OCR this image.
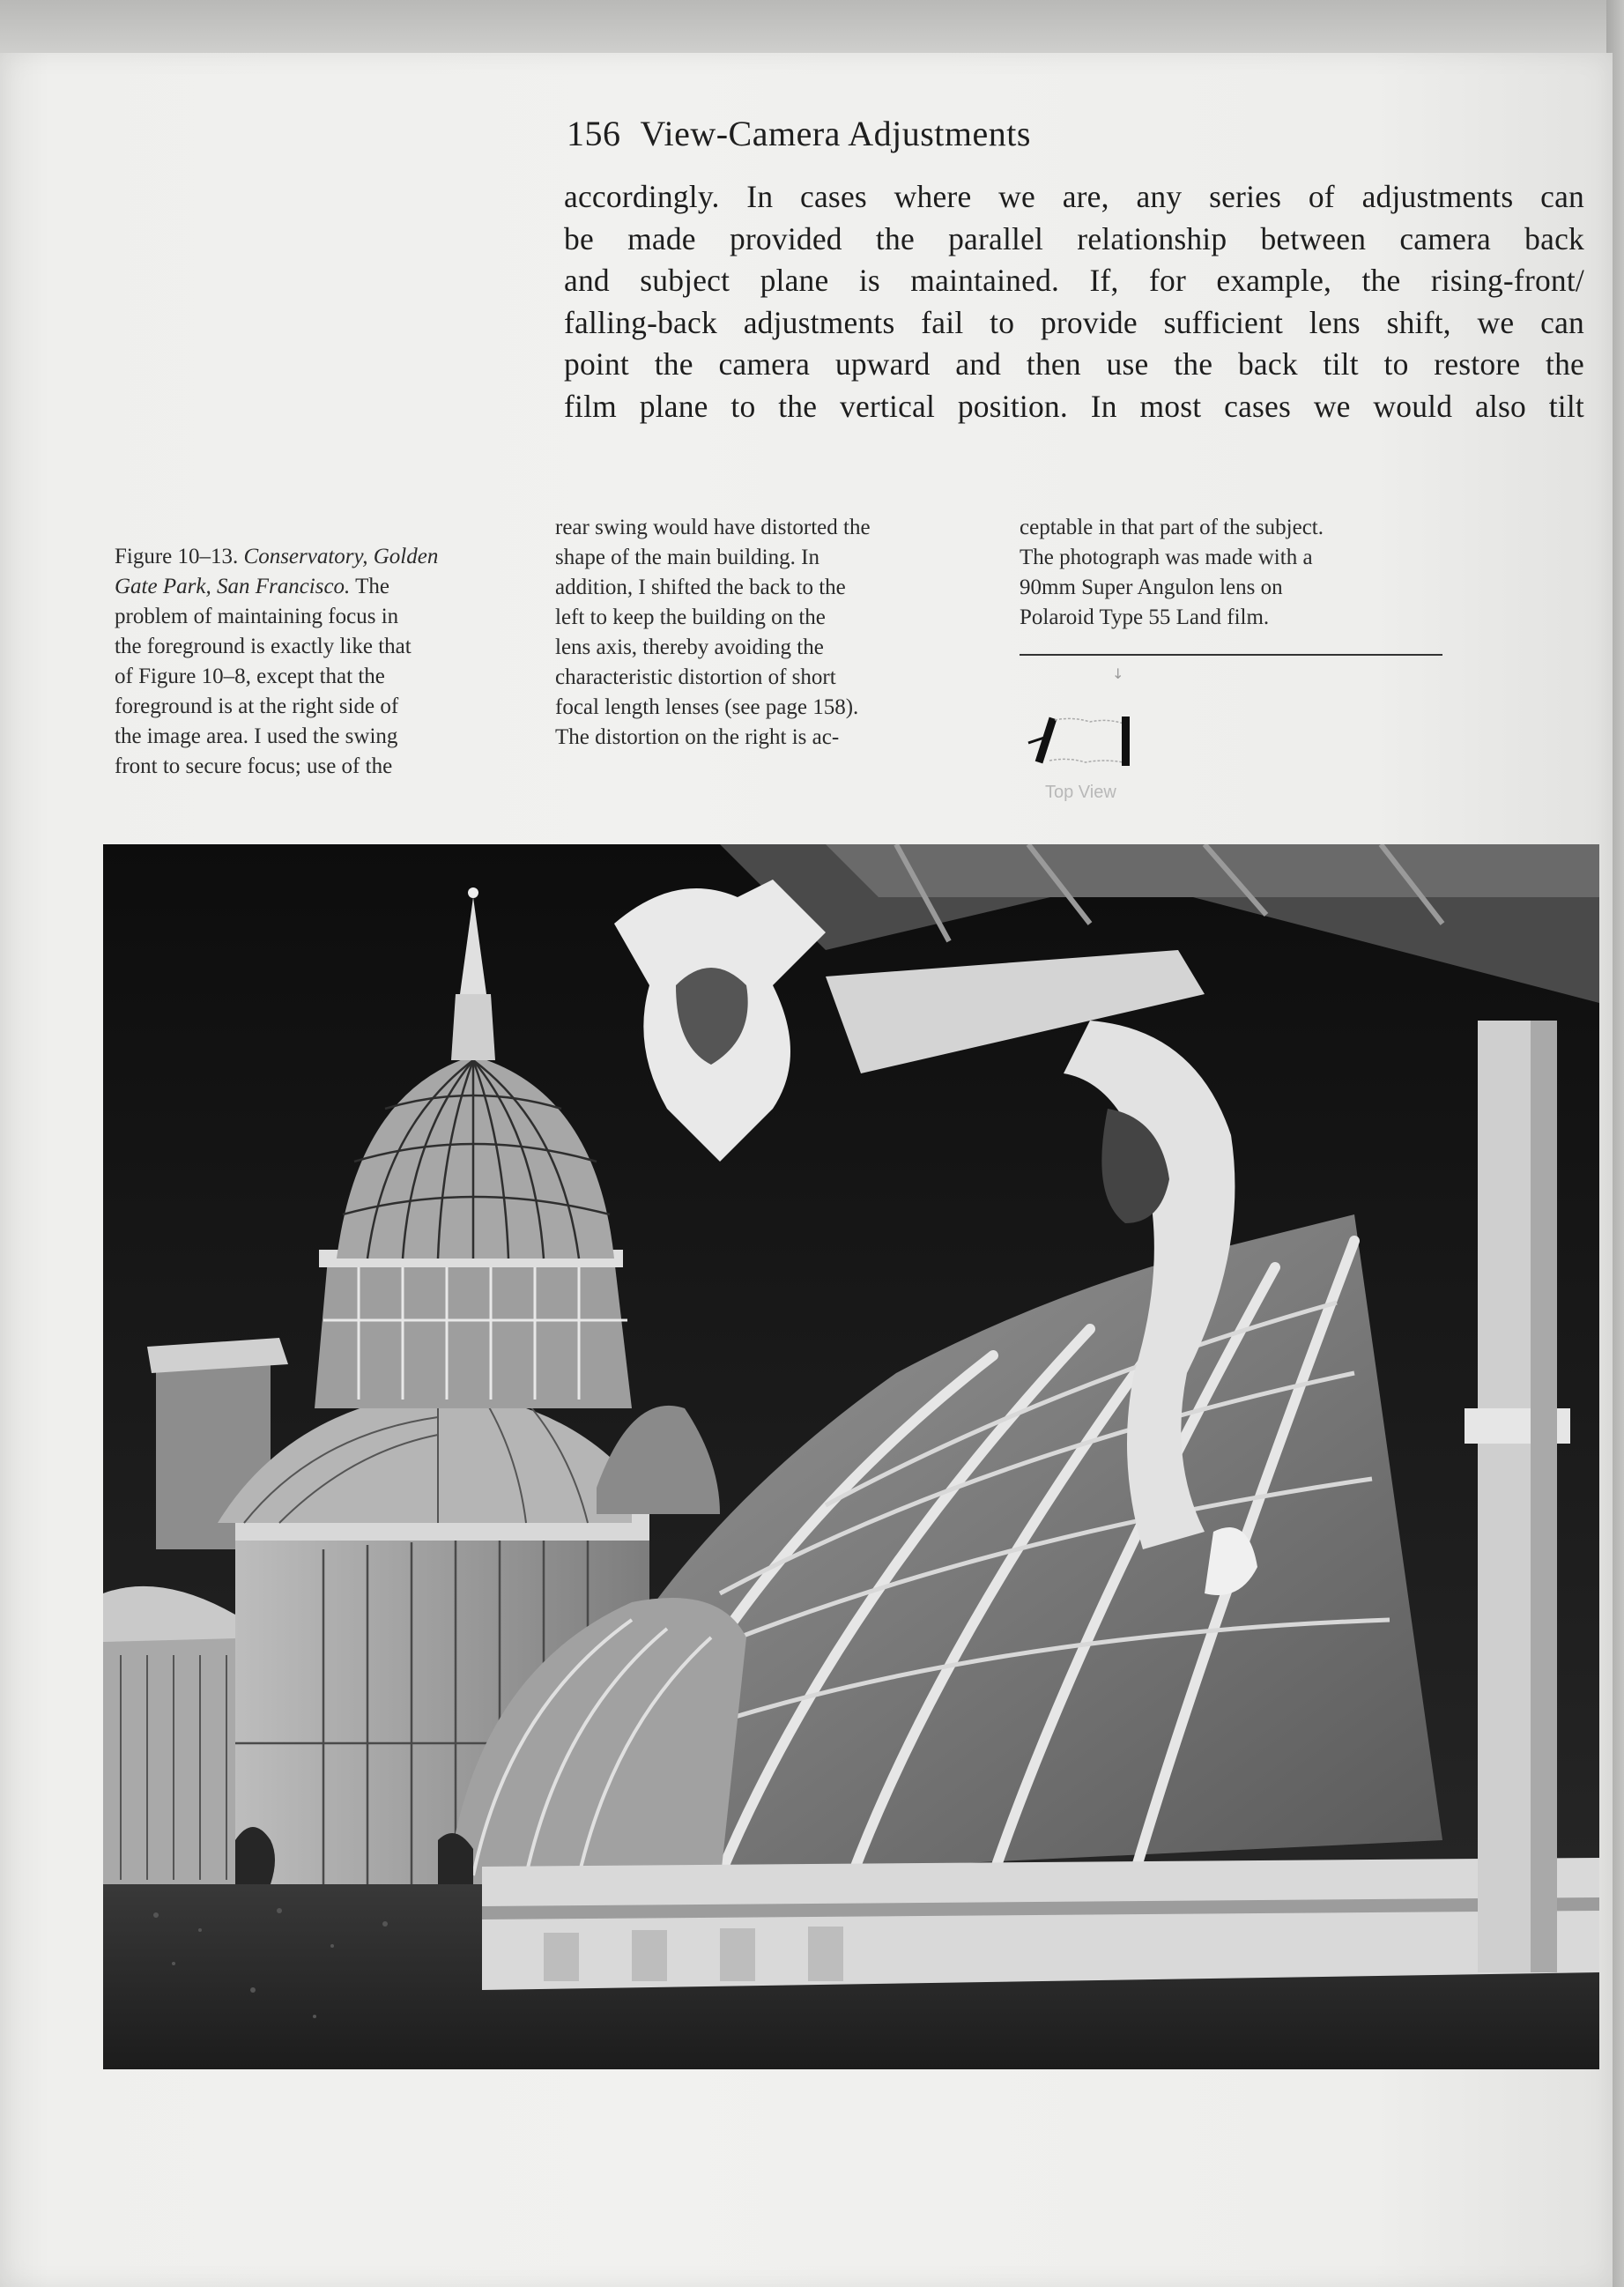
156 View-Camera Adjustments
accordingly. In cases where we are, any series of adjustments can
be made provided the parallel relationship between camera back
and subject plane is maintained. If, for example, the rising-front/
falling-back adjustments fail to provide sufficient lens shift, we can
point the camera upward and then use the back tilt to restore the
film plane to the vertical position. In most cases we would also tilt
Figure 10–13. Conservatory, Golden
Gate Park, San Francisco. The
problem of maintaining focus in
the foreground is exactly like that
of Figure 10–8, except that the
foreground is at the right side of
the image area. I used the swing
front to secure focus; use of the
rear swing would have distorted the
shape of the main building. In
addition, I shifted the back to the
left to keep the building on the
lens axis, thereby avoiding the
characteristic distortion of short
focal length lenses (see page 158).
The distortion on the right is ac-
ceptable in that part of the subject.
The photograph was made with a
90mm Super Angulon lens on
Polaroid Type 55 Land film.
↓
Top View
